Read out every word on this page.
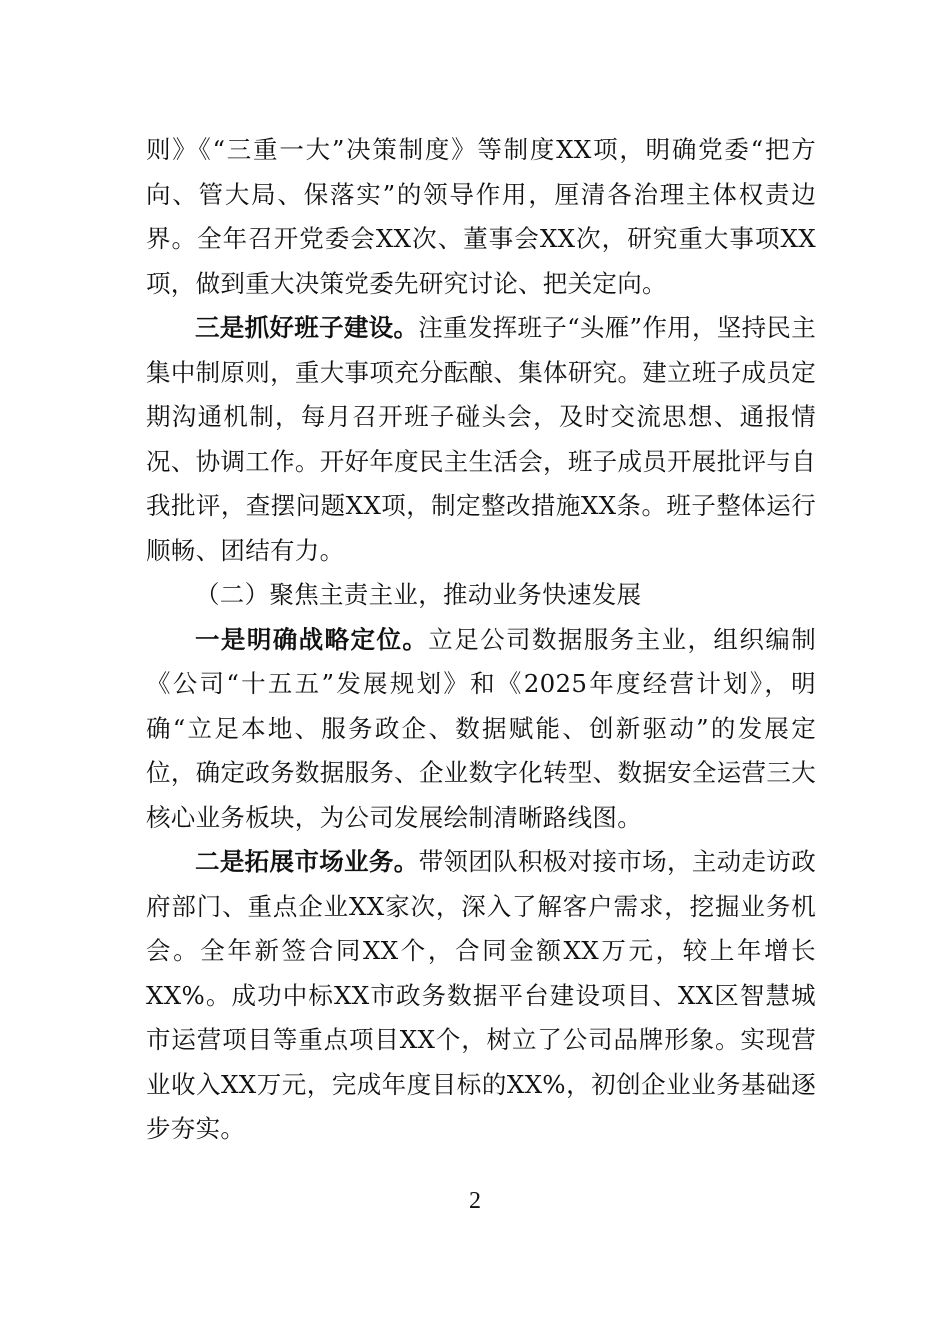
则》《“三重一大”决策制度》等制度XX项，明确党委“把方向、管大局、保落实”的领导作用，厘清各治理主体权责边界。全年召开党委会XX次、董事会XX次，研究重大事项XX项，做到重大决策党委先研究讨论、把关定向。

三是抓好班子建设。注重发挥班子“头雁”作用，坚持民主集中制原则，重大事项充分酝酿、集体研究。建立班子成员定期沟通机制，每月召开班子碰头会，及时交流思想、通报情况、协调工作。开好年度民主生活会，班子成员开展批评与自我批评，查摆问题XX项，制定整改措施XX条。班子整体运行顺畅、团结有力。

（二）聚焦主责主业，推动业务快速发展

一是明确战略定位。立足公司数据服务主业，组织编制《公司“十五五”发展规划》和《2025年度经营计划》，明确“立足本地、服务政企、数据赋能、创新驱动”的发展定位，确定政务数据服务、企业数字化转型、数据安全运营三大核心业务板块，为公司发展绘制清晰路线图。

二是拓展市场业务。带领团队积极对接市场，主动走访政府部门、重点企业XX家次，深入了解客户需求，挖掘业务机会。全年新签合同XX个，合同金额XX万元，较上年增长XX%。成功中标XX市政务数据平台建设项目、XX区智慧城市运营项目等重点项目XX个，树立了公司品牌形象。实现营业收入XX万元，完成年度目标的XX%，初创企业业务基础逐步夯实。

2
